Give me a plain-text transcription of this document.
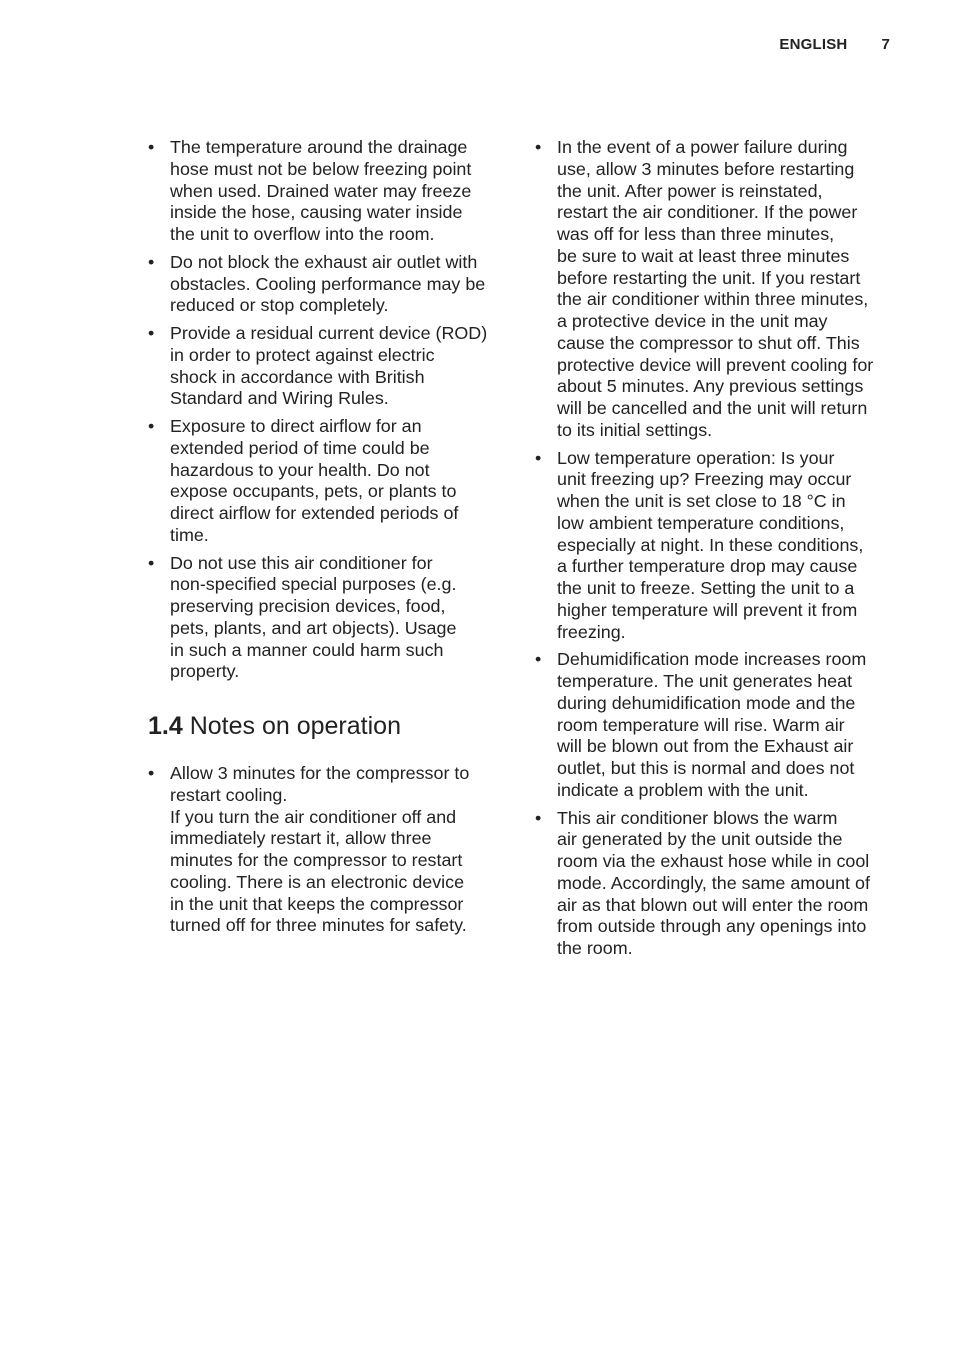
ENGLISH 7
• The temperature around the drainage
hose must not be below freezing point
when used. Drained water may freeze
inside the hose, causing water inside
the unit to overflow into the room.
• Do not block the exhaust air outlet with
obstacles. Cooling performance may be
reduced or stop completely.
• Provide a residual current device (ROD)
in order to protect against electric
shock in accordance with British
Standard and Wiring Rules.
• Exposure to direct airflow for an
extended period of time could be
hazardous to your health. Do not
expose occupants, pets, or plants to
direct airflow for extended periods of
time.
• Do not use this air conditioner for
non-specified special purposes (e.g.
preserving precision devices, food,
pets, plants, and art objects). Usage
in such a manner could harm such
property.
1.4 Notes on operation
• Allow 3 minutes for the compressor to
restart cooling.
If you turn the air conditioner off and
immediately restart it, allow three
minutes for the compressor to restart
cooling. There is an electronic device
in the unit that keeps the compressor
turned off for three minutes for safety.
• In the event of a power failure during
use, allow 3 minutes before restarting
the unit. After power is reinstated,
restart the air conditioner. If the power
was off for less than three minutes,
be sure to wait at least three minutes
before restarting the unit. If you restart
the air conditioner within three minutes,
a protective device in the unit may
cause the compressor to shut off. This
protective device will prevent cooling for
about 5 minutes. Any previous settings
will be cancelled and the unit will return
to its initial settings.
• Low temperature operation: Is your
unit freezing up? Freezing may occur
when the unit is set close to 18 °C in
low ambient temperature conditions,
especially at night. In these conditions,
a further temperature drop may cause
the unit to freeze. Setting the unit to a
higher temperature will prevent it from
freezing.
• Dehumidification mode increases room
temperature. The unit generates heat
during dehumidification mode and the
room temperature will rise. Warm air
will be blown out from the Exhaust air
outlet, but this is normal and does not
indicate a problem with the unit.
• This air conditioner blows the warm
air generated by the unit outside the
room via the exhaust hose while in cool
mode. Accordingly, the same amount of
air as that blown out will enter the room
from outside through any openings into
the room.
